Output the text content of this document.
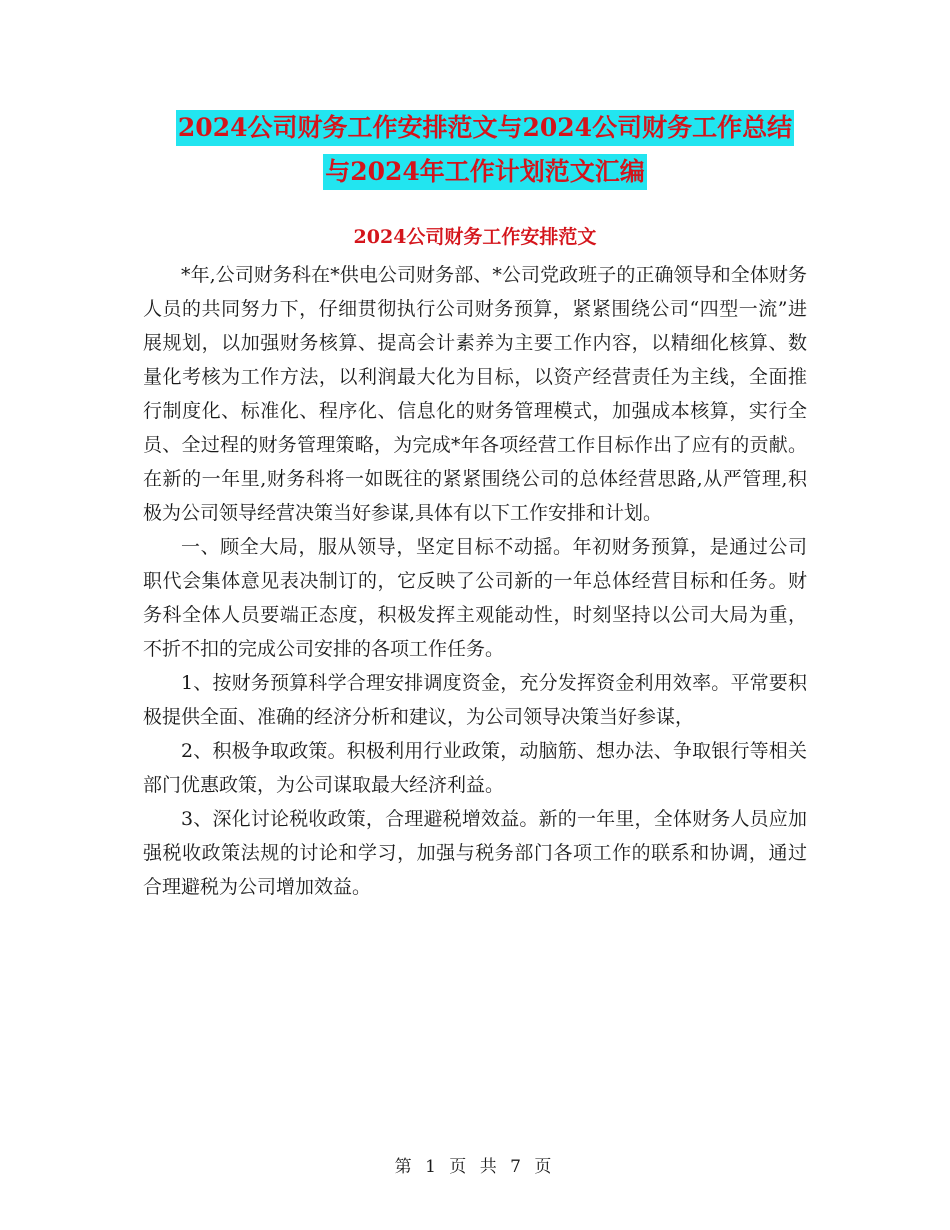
2024公司财务工作安排范文与2024公司财务工作总结
与2024年工作计划范文汇编
2024公司财务工作安排范文

*年,公司财务科在*供电公司财务部、*公司党政班子的正确领导和全体财务人员的共同努力下，仔细贯彻执行公司财务预算，紧紧围绕公司“四型一流”进展规划，以加强财务核算、提高会计素养为主要工作内容，以精细化核算、数量化考核为工作方法，以利润最大化为目标，以资产经营责任为主线，全面推行制度化、标准化、程序化、信息化的财务管理模式，加强成本核算，实行全员、全过程的财务管理策略，为完成*年各项经营工作目标作出了应有的贡献。在新的一年里,财务科将一如既往的紧紧围绕公司的总体经营思路,从严管理,积极为公司领导经营决策当好参谋,具体有以下工作安排和计划。

一、顾全大局，服从领导，坚定目标不动摇。年初财务预算，是通过公司职代会集体意见表决制订的，它反映了公司新的一年总体经营目标和任务。财务科全体人员要端正态度，积极发挥主观能动性，时刻坚持以公司大局为重，不折不扣的完成公司安排的各项工作任务。

1、按财务预算科学合理安排调度资金，充分发挥资金利用效率。平常要积极提供全面、准确的经济分析和建议，为公司领导决策当好参谋，

2、积极争取政策。积极利用行业政策，动脑筋、想办法、争取银行等相关部门优惠政策，为公司谋取最大经济利益。

3、深化讨论税收政策，合理避税增效益。新的一年里，全体财务人员应加强税收政策法规的讨论和学习，加强与税务部门各项工作的联系和协调，通过合理避税为公司增加效益。

第 1 页 共 7 页
